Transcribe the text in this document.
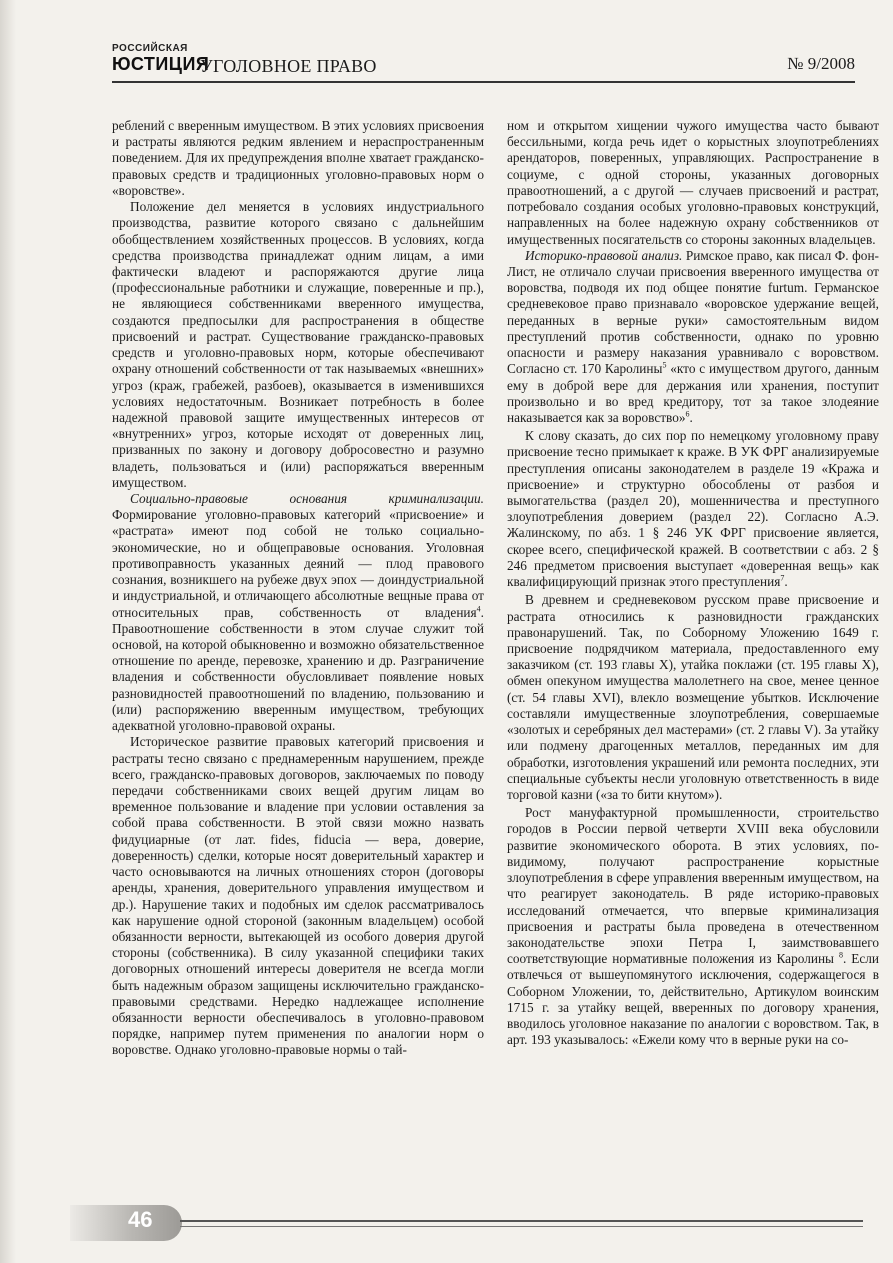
РОССИЙСКАЯ
ЮСТИЦИЯ
УГОЛОВНОЕ ПРАВО	№ 9/2008

реблений с вверенным имуществом. В этих условиях присвоения и растраты являются редким явлением и нераспространенным поведением. Для их предупреждения вполне хватает гражданско-правовых средств и традиционных уголовно-правовых норм о «воровстве».

Положение дел меняется в условиях индустриального производства, развитие которого связано с дальнейшим обобществлением хозяйственных процессов. В условиях, когда средства производства принадлежат одним лицам, а ими фактически владеют и распоряжаются другие лица (профессиональные работники и служащие, поверенные и пр.), не являющиеся собственниками вверенного имущества, создаются предпосылки для распространения в обществе присвоений и растрат. Существование гражданско-правовых средств и уголовно-правовых норм, которые обеспечивают охрану отношений собственности от так называемых «внешних» угроз (краж, грабежей, разбоев), оказывается в изменившихся условиях недостаточным. Возникает потребность в более надежной правовой защите имущественных интересов от «внутренних» угроз, которые исходят от доверенных лиц, призванных по закону и договору добросовестно и разумно владеть, пользоваться и (или) распоряжаться вверенным имуществом.

Социально-правовые основания криминализации. Формирование уголовно-правовых категорий «присвоение» и «растрата» имеют под собой не только социально-экономические, но и общеправовые основания. Уголовная противоправность указанных деяний — плод правового сознания, возникшего на рубеже двух эпох — доиндустриальной и индустриальной, и отличающего абсолютные вещные права от относительных прав, собственность от владения$^4$. Правоотношение собственности в этом случае служит той основой, на которой обыкновенно и возможно обязательственное отношение по аренде, перевозке, хранению и др. Разграничение владения и собственности обусловливает появление новых разновидностей правоотношений по владению, пользованию и (или) распоряжению вверенным имуществом, требующих адекватной уголовно-правовой охраны.

Историческое развитие правовых категорий присвоения и растраты тесно связано с преднамеренным нарушением, прежде всего, гражданско-правовых договоров, заключаемых по поводу передачи собственниками своих вещей другим лицам во временное пользование и владение при условии оставления за собой права собственности. В этой связи можно назвать фидуциарные (от лат. fides, fiducia — вера, доверие, доверенность) сделки, которые носят доверительный характер и часто основываются на личных отношениях сторон (договоры аренды, хранения, доверительного управления имуществом и др.). Нарушение таких и подобных им сделок рассматривалось как нарушение одной стороной (законным владельцем) особой обязанности верности, вытекающей из особого доверия другой стороны (собственника). В силу указанной специфики таких договорных отношений интересы доверителя не всегда могли быть надежным образом защищены исключительно гражданско-правовыми средствами. Нередко надлежащее исполнение обязанности верности обеспечивалось в уголовно-правовом порядке, например путем применения по аналогии норм о воровстве. Однако уголовно-правовые нормы о тай-

ном и открытом хищении чужого имущества часто бывают бессильными, когда речь идет о корыстных злоупотреблениях арендаторов, поверенных, управляющих. Распространение в социуме, с одной стороны, указанных договорных правоотношений, а с другой — случаев присвоений и растрат, потребовало создания особых уголовно-правовых конструкций, направленных на более надежную охрану собственников от имущественных посягательств со стороны законных владельцев.

Историко-правовой анализ. Римское право, как писал Ф. фон-Лист, не отличало случаи присвоения вверенного имущества от воровства, подводя их под общее понятие furtum. Германское средневековое право признавало «воровское удержание вещей, переданных в верные руки» самостоятельным видом преступлений против собственности, однако по уровню опасности и размеру наказания уравнивало с воровством. Согласно ст. 170 Каролины$^5$ «кто с имуществом другого, данным ему в доброй вере для держания или хранения, поступит произвольно и во вред кредитору, тот за такое злодеяние наказывается как за воровство»$^6$.

К слову сказать, до сих пор по немецкому уголовному праву присвоение тесно примыкает к краже. В УК ФРГ анализируемые преступления описаны законодателем в разделе 19 «Кража и присвоение» и структурно обособлены от разбоя и вымогательства (раздел 20), мошенничества и преступного злоупотребления доверием (раздел 22). Согласно А.Э. Жалинскому, по абз. 1 § 246 УК ФРГ присвоение является, скорее всего, специфической кражей. В соответствии с абз. 2 § 246 предметом присвоения выступает «доверенная вещь» как квалифицирующий признак этого преступления$^7$.

В древнем и средневековом русском праве присвоение и растрата относились к разновидности гражданских правонарушений. Так, по Соборному Уложению 1649 г. присвоение подрядчиком материала, предоставленного ему заказчиком (ст. 193 главы X), утайка поклажи (ст. 195 главы X), обмен опекуном имущества малолетнего на свое, менее ценное (ст. 54 главы XVI), влекло возмещение убытков. Исключение составляли имущественные злоупотребления, совершаемые «золотых и серебряных дел мастерами» (ст. 2 главы V). За утайку или подмену драгоценных металлов, переданных им для обработки, изготовления украшений или ремонта последних, эти специальные субъекты несли уголовную ответственность в виде торговой казни («за то бити кнутом»).

Рост мануфактурной промышленности, строительство городов в России первой четверти XVIII века обусловили развитие экономического оборота. В этих условиях, по-видимому, получают распространение корыстные злоупотребления в сфере управления вверенным имуществом, на что реагирует законодатель. В ряде историко-правовых исследований отмечается, что впервые криминализация присвоения и растраты была проведена в отечественном законодательстве эпохи Петра I, заимствовавшего соответствующие нормативные положения из Каролины $^8$. Если отвлечься от вышеупомянутого исключения, содержащегося в Соборном Уложении, то, действительно, Артикулом воинским 1715 г. за утайку вещей, вверенных по договору хранения, вводилось уголовное наказание по аналогии с воровством. Так, в арт. 193 указывалось: «Ежели кому что в верные руки на со-

46
